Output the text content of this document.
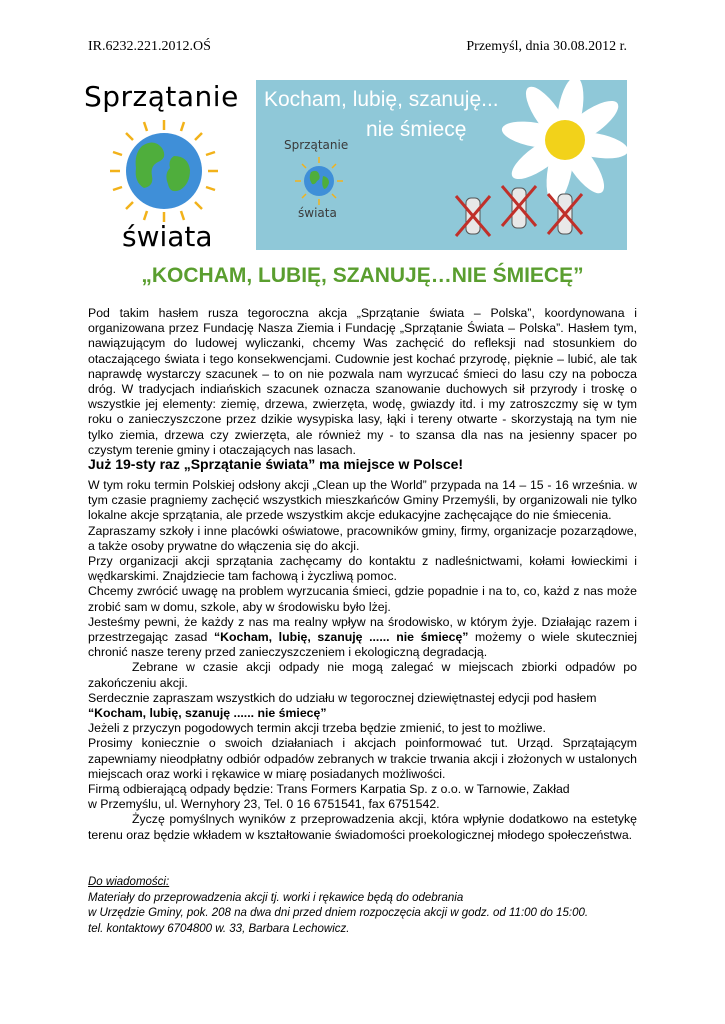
IR.6232.221.2012.OŚ	Przemyśl, dnia 30.08.2012 r.
Sprzątanie
świata
Kocham, lubię, szanuję...
nie śmiecę
Sprzątanie
świata
„KOCHAM, LUBIĘ, SZANUJĘ…NIE ŚMIECĘ”
Pod takim hasłem rusza tegoroczna akcja „Sprzątanie świata – Polska”, koordynowana i organizowana przez Fundację Nasza Ziemia i Fundację „Sprzątanie Świata – Polska”. Hasłem tym, nawiązującym do ludowej wyliczanki, chcemy Was zachęcić do refleksji nad stosunkiem do otaczającego świata i tego konsekwencjami. Cudownie jest kochać przyrodę, pięknie – lubić, ale tak naprawdę wystarczy szacunek – to on nie pozwala nam wyrzucać śmieci do lasu czy na pobocza dróg. W tradycjach indiańskich szacunek oznacza szanowanie duchowych sił przyrody i troskę o wszystkie jej elementy: ziemię, drzewa, zwierzęta, wodę, gwiazdy itd. i my zatroszczmy się w tym roku o zanieczyszczone przez dzikie wysypiska lasy, łąki i tereny otwarte - skorzystają na tym nie tylko ziemia, drzewa czy zwierzęta, ale również my - to szansa dla nas na jesienny spacer po czystym terenie gminy i otaczających nas lasach.
Już 19-sty raz „Sprzątanie świata” ma miejsce w Polsce!

W tym roku termin Polskiej odsłony akcji „Clean up the World” przypada na 14 – 15 - 16 września. w tym czasie pragniemy zachęcić wszystkich mieszkańców Gminy Przemyśli, by organizowali nie tylko lokalne akcje sprzątania, ale przede wszystkim akcje edukacyjne zachęcające do nie śmiecenia.

Zapraszamy szkoły i inne placówki oświatowe, pracowników gminy, firmy, organizacje pozarządowe, a także osoby prywatne do włączenia się do akcji.

Przy organizacji akcji sprzątania zachęcamy do kontaktu z nadleśnictwami, kołami łowieckimi i wędkarskimi. Znajdziecie tam fachową i życzliwą pomoc.

Chcemy zwrócić uwagę na problem wyrzucania śmieci, gdzie popadnie i na to, co, każd z nas może zrobić sam w domu, szkole, aby w środowisku było lżej.

Jesteśmy pewni, że każdy z nas ma realny wpływ na środowisko, w którym żyje. Działając razem i przestrzegając zasad “Kocham, lubię, szanuję ...... nie śmiecę” możemy o wiele skuteczniej chronić nasze tereny przed zanieczyszczeniem i ekologiczną degradacją.

Zebrane w czasie akcji odpady nie mogą zalegać w miejscach zbiorki odpadów po zakończeniu akcji.

Serdecznie zapraszam wszystkich do udziału w tegorocznej dziewiętnastej edycji pod hasłem
“Kocham, lubię, szanuję ...... nie śmiecę”

Jeżeli z przyczyn pogodowych termin akcji trzeba będzie zmienić, to jest to możliwe.

Prosimy koniecznie o swoich działaniach i akcjach poinformować tut. Urząd. Sprzątającym zapewniamy nieodpłatny odbiór odpadów zebranych w trakcie trwania akcji i złożonych w ustalonych miejscach oraz worki i rękawice w miarę posiadanych możliwości.

Firmą odbierającą odpady będzie: Trans Formers Karpatia Sp. z o.o. w Tarnowie, Zakład

w Przemyślu, ul. Wernyhory 23, Tel. 0 16 6751541, fax 6751542.

Życzę pomyślnych wyników z przeprowadzenia akcji, która wpłynie dodatkowo na estetykę terenu oraz będzie wkładem w kształtowanie świadomości proekologicznej młodego społeczeństwa.

Do wiadomości:
Materiały do przeprowadzenia akcji tj. worki i rękawice będą do odebrania
w Urzędzie Gminy, pok. 208 na dwa dni przed dniem rozpoczęcia akcji w godz. od 11:00 do 15:00.
tel. kontaktowy 6704800 w. 33, Barbara Lechowicz.
